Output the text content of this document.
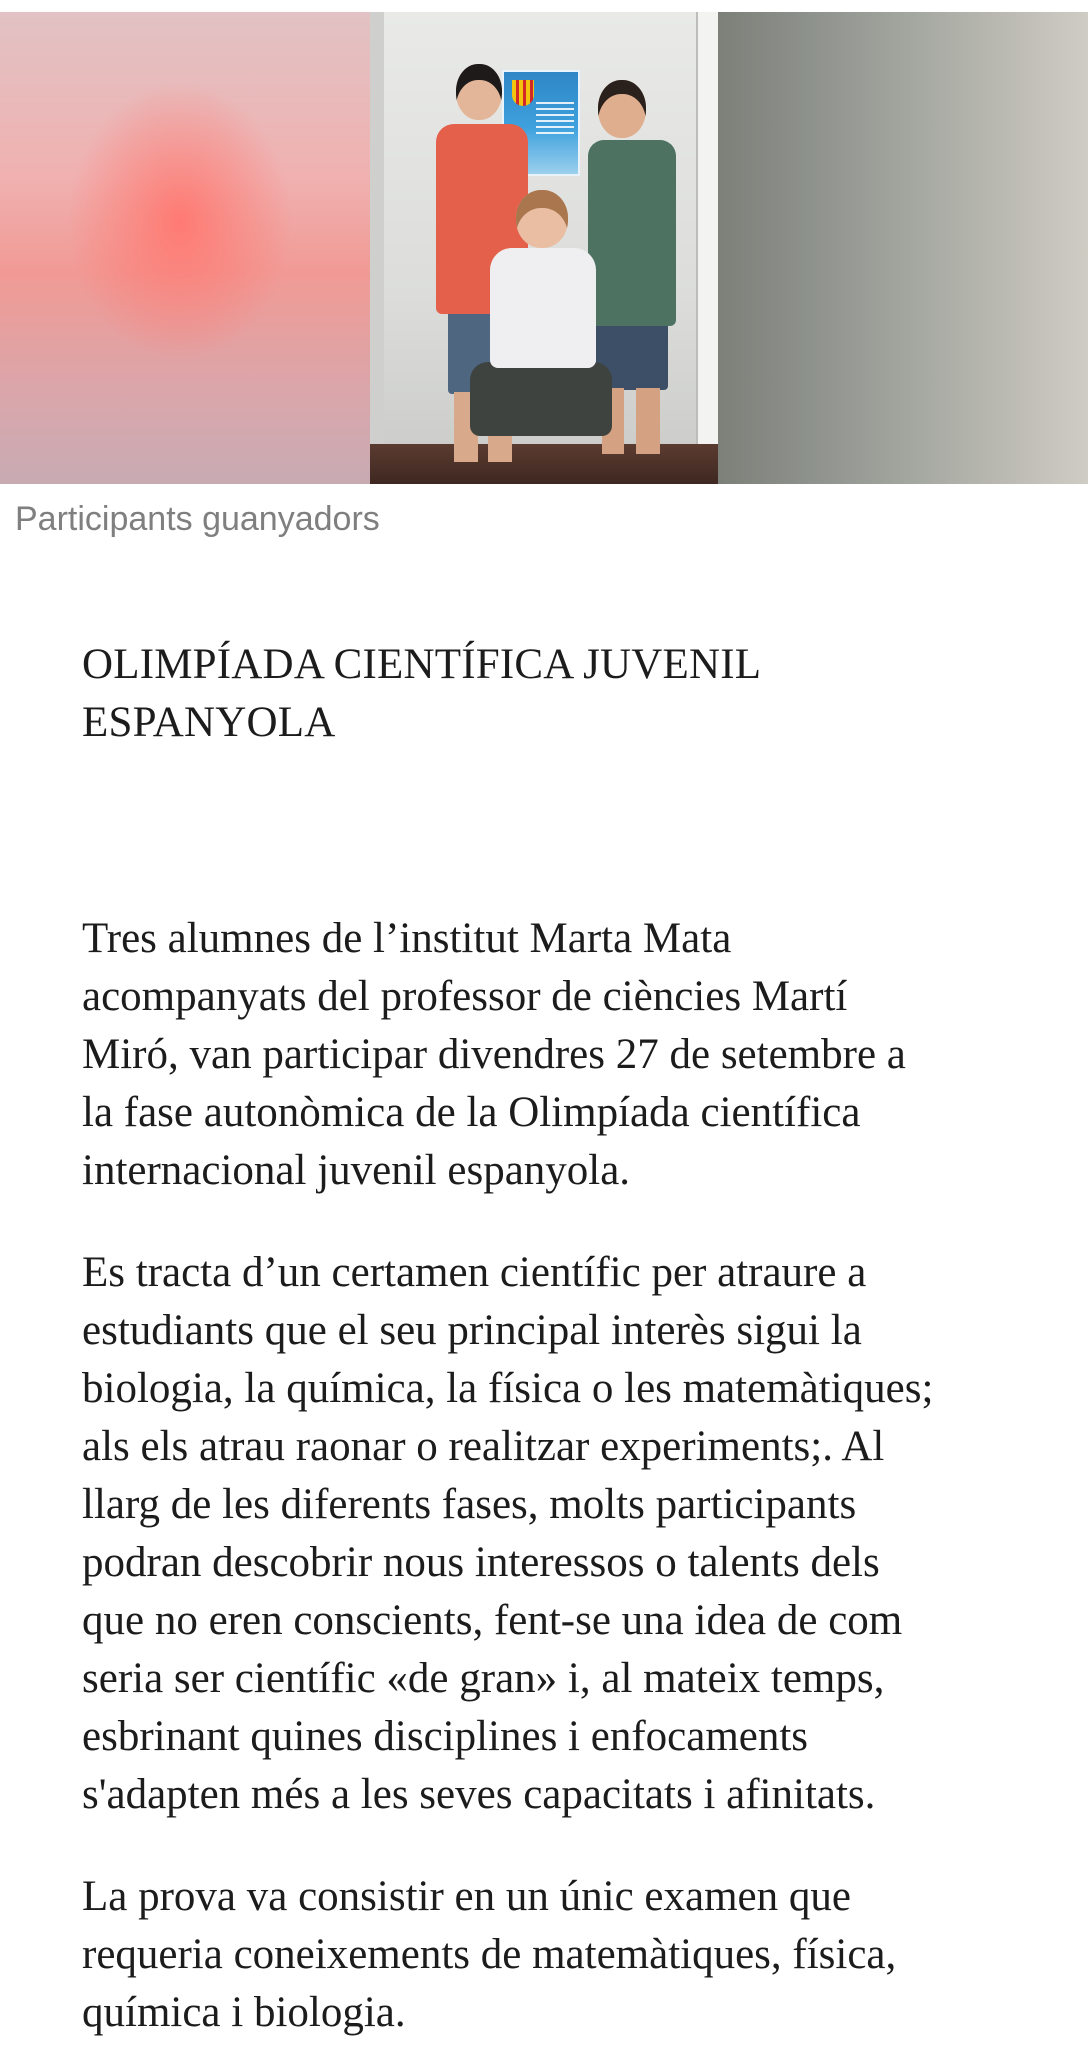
Participants guanyadors
OLIMPÍADA CIENTÍFICA JUVENIL
ESPANYOLA

Tres alumnes de l’institut Marta Mata
acompanyats del professor de ciències Martí
Miró, van participar divendres 27 de setembre a
la fase autonòmica de la Olimpíada científica
internacional juvenil espanyola.

Es tracta d’un certamen científic per atraure a
estudiants que el seu principal interès sigui la
biologia, la química, la física o les matemàtiques;
als els atrau raonar o realitzar experiments;. Al
llarg de les diferents fases, molts participants
podran descobrir nous interessos o talents dels
que no eren conscients, fent-se una idea de com
seria ser científic «de gran» i, al mateix temps,
esbrinant quines disciplines i enfocaments
s'adapten més a les seves capacitats i afinitats.

La prova va consistir en un únic examen que
requeria coneixements de matemàtiques, física,
química i biologia.
